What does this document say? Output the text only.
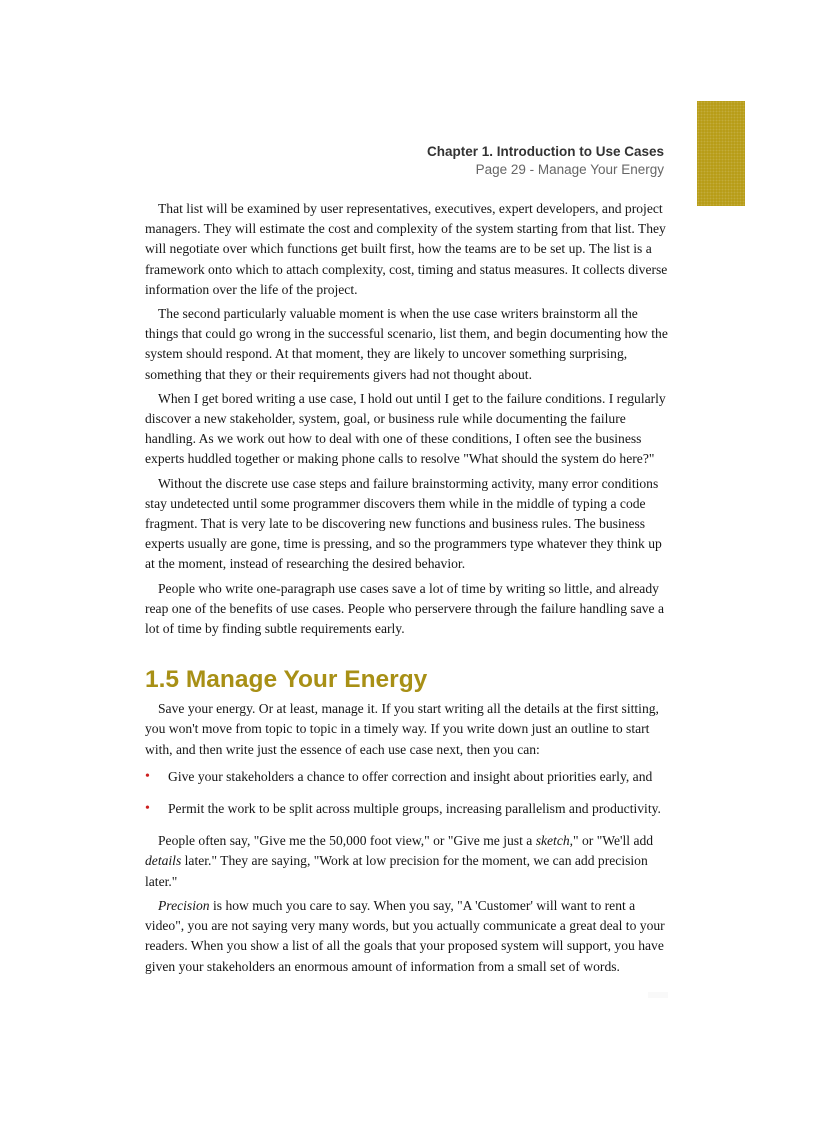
Chapter 1. Introduction to Use Cases
Page 29 - Manage Your Energy

That list will be examined by user representatives, executives, expert developers, and project managers. They will estimate the cost and complexity of the system starting from that list. They will negotiate over which functions get built first, how the teams are to be set up. The list is a framework onto which to attach complexity, cost, timing and status measures. It collects diverse information over the life of the project.

The second particularly valuable moment is when the use case writers brainstorm all the things that could go wrong in the successful scenario, list them, and begin documenting how the system should respond. At that moment, they are likely to uncover something surprising, something that they or their requirements givers had not thought about.

When I get bored writing a use case, I hold out until I get to the failure conditions. I regularly discover a new stakeholder, system, goal, or business rule while documenting the failure handling. As we work out how to deal with one of these conditions, I often see the business experts huddled together or making phone calls to resolve "What should the system do here?"

Without the discrete use case steps and failure brainstorming activity, many error conditions stay undetected until some programmer discovers them while in the middle of typing a code fragment. That is very late to be discovering new functions and business rules. The business experts usually are gone, time is pressing, and so the programmers type whatever they think up at the moment, instead of researching the desired behavior.

People who write one-paragraph use cases save a lot of time by writing so little, and already reap one of the benefits of use cases. People who perservere through the failure handling save a lot of time by finding subtle requirements early.

1.5 Manage Your Energy

Save your energy. Or at least, manage it. If you start writing all the details at the first sitting, you won't move from topic to topic in a timely way. If you write down just an outline to start with, and then write just the essence of each use case next, then you can:

• Give your stakeholders a chance to offer correction and insight about priorities early, and
• Permit the work to be split across multiple groups, increasing parallelism and productivity.

People often say, "Give me the 50,000 foot view," or "Give me just a sketch," or "We'll add details later." They are saying, "Work at low precision for the moment, we can add precision later."

Precision is how much you care to say. When you say, "A 'Customer' will want to rent a video", you are not saying very many words, but you actually communicate a great deal to your readers. When you show a list of all the goals that your proposed system will support, you have given your stakeholders an enormous amount of information from a small set of words.
